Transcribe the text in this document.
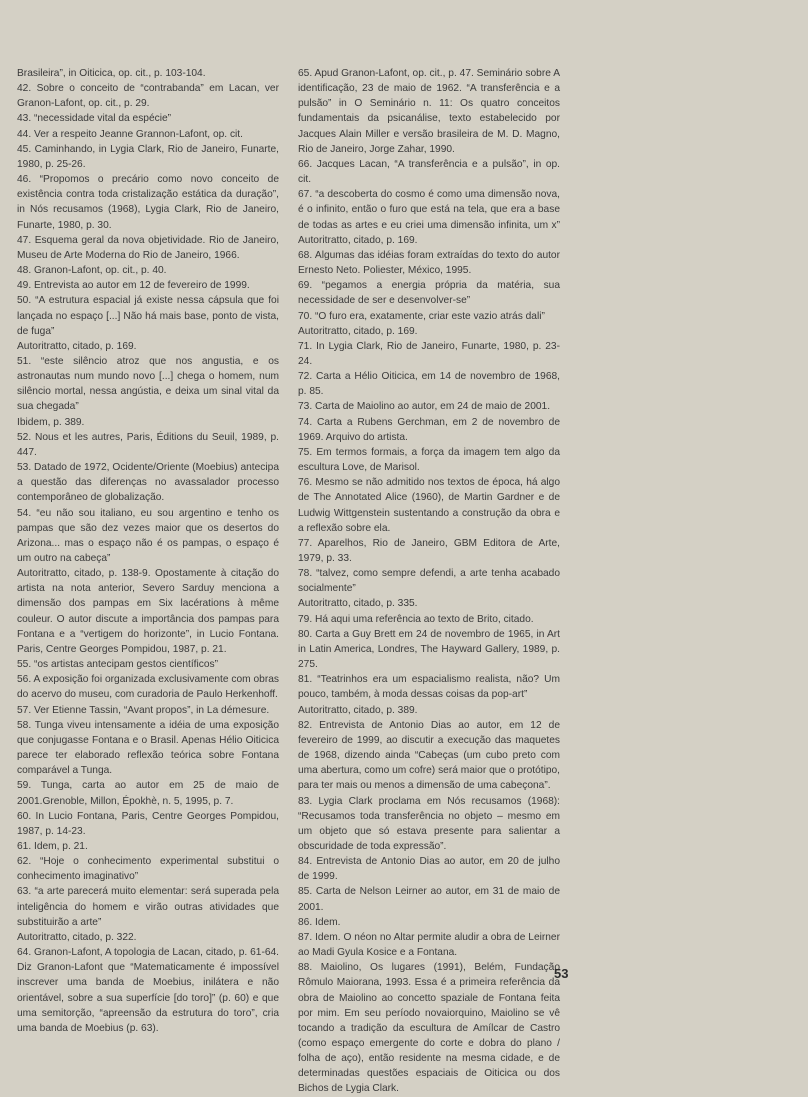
Brasileira”, in Oiticica, op. cit., p. 103-104.

42. Sobre o conceito de “contrabanda” em Lacan, ver Granon-Lafont, op. cit., p. 29.

43. “necessidade vital da espécie”

44. Ver a respeito Jeanne Grannon-Lafont, op. cit.

45. Caminhando, in Lygia Clark, Rio de Janeiro, Funarte, 1980, p. 25-26.

46. “Propomos o precário como novo conceito de existência contra toda cristalização estática da duração”, in Nós recusamos (1968), Lygia Clark, Rio de Janeiro, Funarte, 1980, p. 30.

47. Esquema geral da nova objetividade. Rio de Janeiro, Museu de Arte Moderna do Rio de Janeiro, 1966.

48. Granon-Lafont, op. cit., p. 40.

49. Entrevista ao autor em 12 de fevereiro de 1999.

50. “A estrutura espacial já existe nessa cápsula que foi lançada no espaço [...] Não há mais base, ponto de vista, de fuga”

Autoritratto, citado, p. 169.

51. “este silêncio atroz que nos angustia, e os astronautas num mundo novo [...] chega o homem, num silêncio mortal, nessa angústia, e deixa um sinal vital da sua chegada”

Ibidem, p. 389.

52. Nous et les autres, Paris, Éditions du Seuil, 1989, p. 447.

53. Datado de 1972, Ocidente/Oriente (Moebius) antecipa a questão das diferenças no avassalador processo contemporâneo de globalização.

54. “eu não sou italiano, eu sou argentino e tenho os pampas que são dez vezes maior que os desertos do Arizona... mas o espaço não é os pampas, o espaço é um outro na cabeça”

Autoritratto, citado, p. 138-9. Opostamente à citação do artista na nota anterior, Severo Sarduy menciona a dimensão dos pampas em Six lacérations à même couleur. O autor discute a importância dos pampas para Fontana e a “vertigem do horizonte”, in Lucio Fontana. Paris, Centre Georges Pompidou, 1987, p. 21.

55. “os artistas antecipam gestos científicos”

56. A exposição foi organizada exclusivamente com obras do acervo do museu, com curadoria de Paulo Herkenhoff.

57. Ver Etienne Tassin, “Avant propos”, in La démesure.

58. Tunga viveu intensamente a idéia de uma exposição que conjugasse Fontana e o Brasil. Apenas Hélio Oiticica parece ter elaborado reflexão teórica sobre Fontana comparável a Tunga.

59. Tunga, carta ao autor em 25 de maio de 2001.Grenoble, Millon, Épokhè, n. 5, 1995, p. 7.

60. In Lucio Fontana, Paris, Centre Georges Pompidou, 1987, p. 14-23.

61. Idem, p. 21.

62. “Hoje o conhecimento experimental substitui o conhecimento imaginativo”

63. “a arte parecerá muito elementar: será superada pela inteligência do homem e virão outras atividades que substituirão a arte”

Autoritratto, citado, p. 322.

64. Granon-Lafont, A topologia de Lacan, citado, p. 61-64. Diz Granon-Lafont que “Matematicamente é impossível inscrever uma banda de Moebius, inilátera e não orientável, sobre a sua superfície [do toro]” (p. 60) e que uma semitorção, “apreensão da estrutura do toro”, cria uma banda de Moebius (p. 63).

65. Apud Granon-Lafont, op. cit., p. 47. Seminário sobre A identificação, 23 de maio de 1962. “A transferência e a pulsão” in O Seminário n. 11: Os quatro conceitos fundamentais da psicanálise, texto estabelecido por Jacques Alain Miller e versão brasileira de M. D. Magno, Rio de Janeiro, Jorge Zahar, 1990.

66. Jacques Lacan, “A transferência e a pulsão”, in op. cit.

67. “a descoberta do cosmo é como uma dimensão nova, é o infinito, então o furo que está na tela, que era a base de todas as artes e eu criei uma dimensão infinita, um x” Autoritratto, citado, p. 169.

68. Algumas das idéias foram extraídas do texto do autor Ernesto Neto. Poliester, México, 1995.

69. “pegamos a energia própria da matéria, sua necessidade de ser e desenvolver-se”

70. “O furo era, exatamente, criar este vazio atrás dali”

Autoritratto, citado, p. 169.

71. In Lygia Clark, Rio de Janeiro, Funarte, 1980, p. 23-24.

72. Carta a Hélio Oiticica, em 14 de novembro de 1968, p. 85.

73. Carta de Maiolino ao autor, em 24 de maio de 2001.

74. Carta a Rubens Gerchman, em 2 de novembro de 1969. Arquivo do artista.

75. Em termos formais, a força da imagem tem algo da escultura Love, de Marisol.

76. Mesmo se não admitido nos textos de época, há algo de The Annotated Alice (1960), de Martin Gardner e de Ludwig Wittgenstein sustentando a construção da obra e a reflexão sobre ela.

77. Aparelhos, Rio de Janeiro, GBM Editora de Arte, 1979, p. 33.

78. “talvez, como sempre defendi, a arte tenha acabado socialmente”

Autoritratto, citado, p. 335.

79. Há aqui uma referência ao texto de Brito, citado.

80. Carta a Guy Brett em 24 de novembro de 1965, in Art in Latin America, Londres, The Hayward Gallery, 1989, p. 275.

81. “Teatrinhos era um espacialismo realista, não? Um pouco, também, à moda dessas coisas da pop-art”

Autoritratto, citado, p. 389.

82. Entrevista de Antonio Dias ao autor, em 12 de fevereiro de 1999, ao discutir a execução das maquetes de 1968, dizendo ainda “Cabeças (um cubo preto com uma abertura, como um cofre) será maior que o protótipo, para ter mais ou menos a dimensão de uma cabeçona”.

83. Lygia Clark proclama em Nós recusamos (1968): “Recusamos toda transferência no objeto – mesmo em um objeto que só estava presente para salientar a obscuridade de toda expressão”.

84. Entrevista de Antonio Dias ao autor, em 20 de julho de 1999.

85. Carta de Nelson Leirner ao autor, em 31 de maio de 2001.

86. Idem.

87. Idem. O néon no Altar permite aludir a obra de Leirner ao Madi Gyula Kosice e a Fontana.

88. Maiolino, Os lugares (1991), Belém, Fundação Rômulo Maiorana, 1993. Essa é a primeira referência da obra de Maiolino ao concetto spaziale de Fontana feita por mim. Em seu período novaiorquino, Maiolino se vê tocando a tradição da escultura de Amílcar de Castro (como espaço emergente do corte e dobra do plano / folha de aço), então residente na mesma cidade, e de determinadas questões espaciais de Oiticica ou dos Bichos de Lygia Clark.

53
